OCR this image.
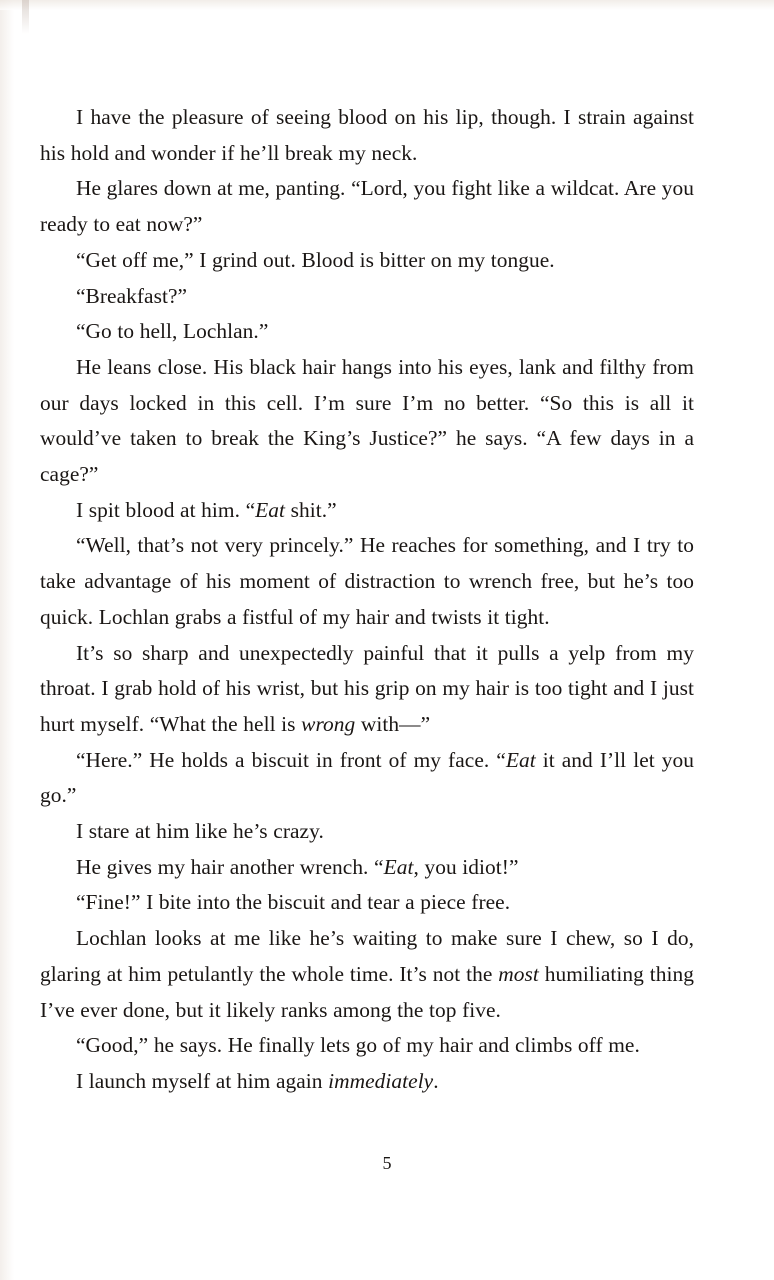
I have the pleasure of seeing blood on his lip, though. I strain against his hold and wonder if he’ll break my neck.

He glares down at me, panting. “Lord, you fight like a wildcat. Are you ready to eat now?”

“Get off me,” I grind out. Blood is bitter on my tongue.

“Breakfast?”

“Go to hell, Lochlan.”

He leans close. His black hair hangs into his eyes, lank and filthy from our days locked in this cell. I’m sure I’m no better. “So this is all it would’ve taken to break the King’s Justice?” he says. “A few days in a cage?”

I spit blood at him. “Eat shit.”

“Well, that’s not very princely.” He reaches for something, and I try to take advantage of his moment of distraction to wrench free, but he’s too quick. Lochlan grabs a fistful of my hair and twists it tight.

It’s so sharp and unexpectedly painful that it pulls a yelp from my throat. I grab hold of his wrist, but his grip on my hair is too tight and I just hurt myself. “What the hell is wrong with—”

“Here.” He holds a biscuit in front of my face. “Eat it and I’ll let you go.”

I stare at him like he’s crazy.

He gives my hair another wrench. “Eat, you idiot!”

“Fine!” I bite into the biscuit and tear a piece free.

Lochlan looks at me like he’s waiting to make sure I chew, so I do, glaring at him petulantly the whole time. It’s not the most humiliating thing I’ve ever done, but it likely ranks among the top five.

“Good,” he says. He finally lets go of my hair and climbs off me.

I launch myself at him again immediately.

5
